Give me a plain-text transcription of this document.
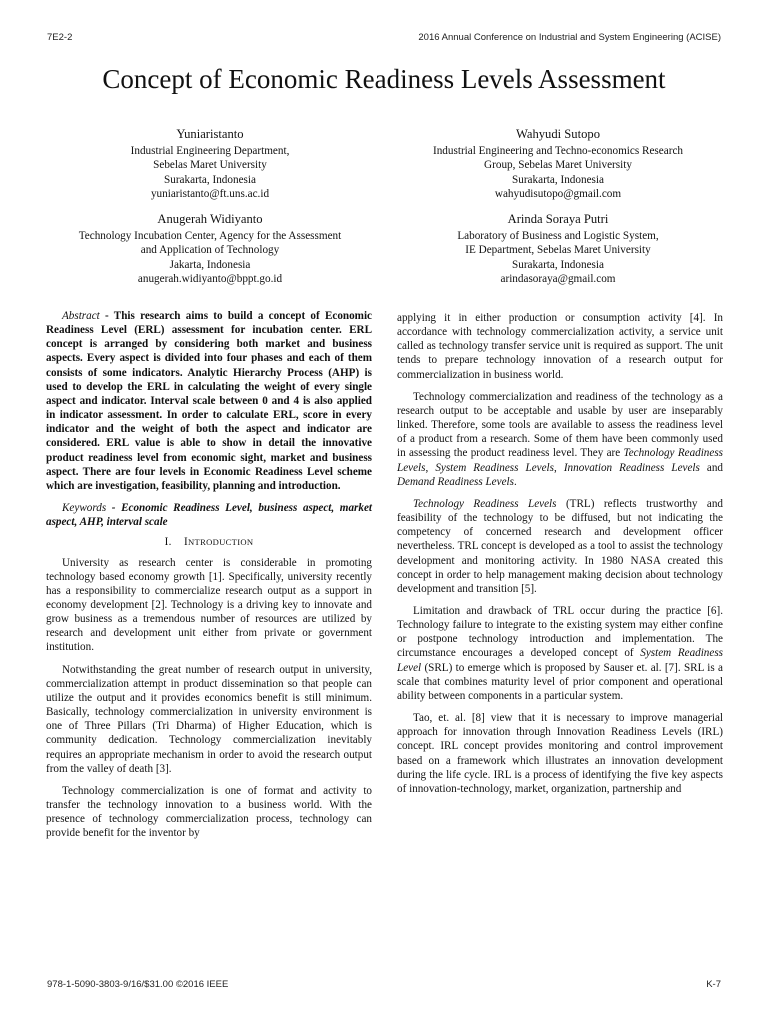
7E2-2	2016 Annual Conference on Industrial and System Engineering (ACISE)
Concept of Economic Readiness Levels Assessment
Yuniaristanto
Industrial Engineering Department,
Sebelas Maret University
Surakarta, Indonesia
yuniaristanto@ft.uns.ac.id
Wahyudi Sutopo
Industrial Engineering and Techno-economics Research
Group, Sebelas Maret University
Surakarta, Indonesia
wahyudisutopo@gmail.com
Anugerah Widiyanto
Technology Incubation Center, Agency for the Assessment
and Application of Technology
Jakarta, Indonesia
anugerah.widiyanto@bppt.go.id
Arinda Soraya Putri
Laboratory of Business and Logistic System,
IE Department, Sebelas Maret University
Surakarta, Indonesia
arindasoraya@gmail.com

Abstract - This research aims to build a concept of Economic Readiness Level (ERL) assessment for incubation center. ERL concept is arranged by considering both market and business aspects. Every aspect is divided into four phases and each of them consists of some indicators. Analytic Hierarchy Process (AHP) is used to develop the ERL in calculating the weight of every single aspect and indicator. Interval scale between 0 and 4 is also applied in indicator assessment. In order to calculate ERL, score in every indicator and the weight of both the aspect and indicator are considered. ERL value is able to show in detail the innovative product readiness level from economic sight, market and business aspect. There are four levels in Economic Readiness Level scheme which are investigation, feasibility, planning and introduction.

Keywords - Economic Readiness Level, business aspect, market aspect, AHP, interval scale

I. INTRODUCTION

University as research center is considerable in promoting technology based economy growth [1]. Specifically, university recently has a responsibility to commercialize research output as a support in economy development [2]. Technology is a driving key to innovate and grow business as a tremendous number of resources are utilized by research and development unit either from private or government institution.

Notwithstanding the great number of research output in university, commercialization attempt in product dissemination so that people can utilize the output and it provides economics benefit is still minimum. Basically, technology commercialization in university environment is one of Three Pillars (Tri Dharma) of Higher Education, which is community dedication. Technology commercialization inevitably requires an appropriate mechanism in order to avoid the research output from the valley of death [3].

Technology commercialization is one of format and activity to transfer the technology innovation to a business world. With the presence of technology commercialization process, technology can provide benefit for the inventor by

applying it in either production or consumption activity [4]. In accordance with technology commercialization activity, a service unit called as technology transfer service unit is required as support. The unit tends to prepare technology innovation of a research output for commercialization in business world.

Technology commercialization and readiness of the technology as a research output to be acceptable and usable by user are inseparably linked. Therefore, some tools are available to assess the readiness level of a product from a research. Some of them have been commonly used in assessing the product readiness level. They are Technology Readiness Levels, System Readiness Levels, Innovation Readiness Levels and Demand Readiness Levels.

Technology Readiness Levels (TRL) reflects trustworthy and feasibility of the technology to be diffused, but not indicating the competency of concerned research and development officer nevertheless. TRL concept is developed as a tool to assist the technology development and monitoring activity. In 1980 NASA created this concept in order to help management making decision about technology development and transition [5].

Limitation and drawback of TRL occur during the practice [6]. Technology failure to integrate to the existing system may either confine or postpone technology introduction and implementation. The circumstance encourages a developed concept of System Readiness Level (SRL) to emerge which is proposed by Sauser et. al. [7]. SRL is a scale that combines maturity level of prior component and operational ability between components in a particular system.

Tao, et. al. [8] view that it is necessary to improve managerial approach for innovation through Innovation Readiness Levels (IRL) concept. IRL concept provides monitoring and control improvement based on a framework which illustrates an innovation development during the life cycle. IRL is a process of identifying the five key aspects of innovation-technology, market, organization, partnership and

978-1-5090-3803-9/16/$31.00 ©2016 IEEE	K-7
